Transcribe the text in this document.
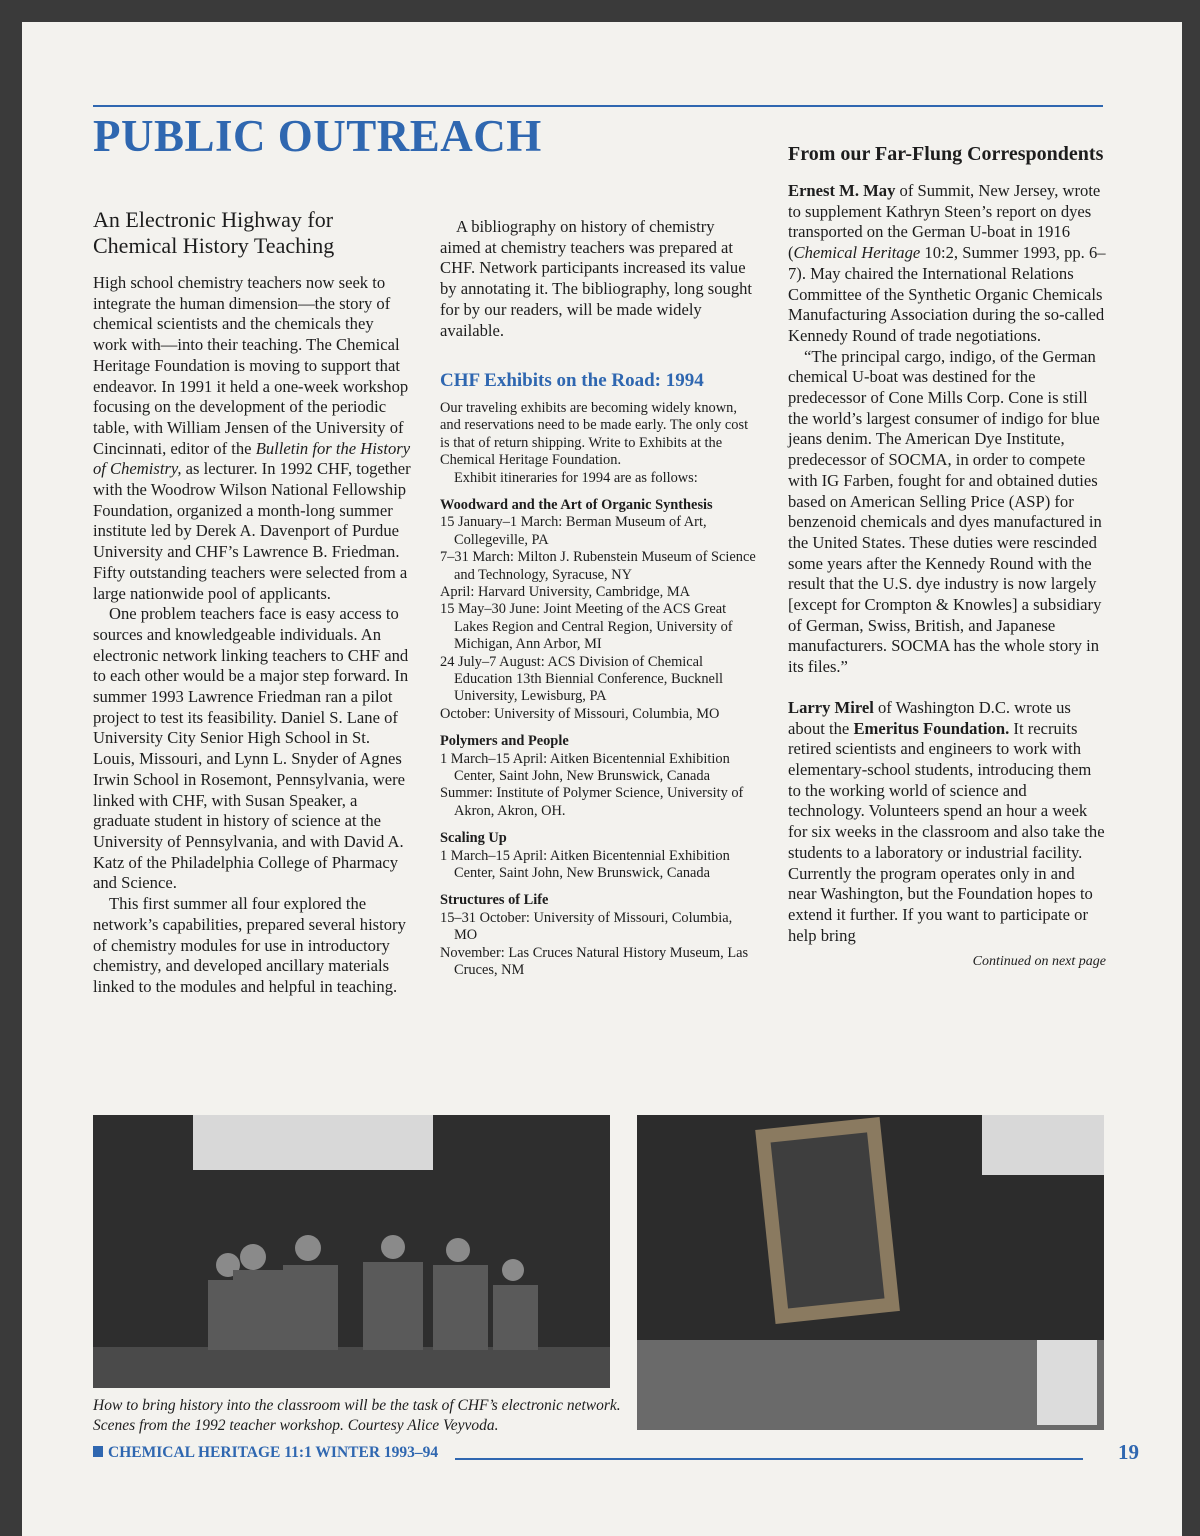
PUBLIC OUTREACH
An Electronic Highway for Chemical History Teaching

High school chemistry teachers now seek to integrate the human dimension—the story of chemical scientists and the chemicals they work with—into their teaching. The Chemical Heritage Foundation is moving to support that endeavor. In 1991 it held a one-week workshop focusing on the development of the periodic table, with William Jensen of the University of Cincinnati, editor of the Bulletin for the History of Chemistry, as lecturer. In 1992 CHF, together with the Woodrow Wilson National Fellowship Foundation, organized a month-long summer institute led by Derek A. Davenport of Purdue University and CHF’s Lawrence B. Friedman. Fifty outstanding teachers were selected from a large nationwide pool of applicants.

One problem teachers face is easy access to sources and knowledgeable individuals. An electronic network linking teachers to CHF and to each other would be a major step forward. In summer 1993 Lawrence Friedman ran a pilot project to test its feasibility. Daniel S. Lane of University City Senior High School in St. Louis, Missouri, and Lynn L. Snyder of Agnes Irwin School in Rosemont, Pennsylvania, were linked with CHF, with Susan Speaker, a graduate student in history of science at the University of Pennsylvania, and with David A. Katz of the Philadelphia College of Pharmacy and Science.

This first summer all four explored the network’s capabilities, prepared several history of chemistry modules for use in introductory chemistry, and developed ancillary materials linked to the modules and helpful in teaching.

A bibliography on history of chemistry aimed at chemistry teachers was prepared at CHF. Network participants increased its value by annotating it. The bibliography, long sought for by our readers, will be made widely available.

CHF Exhibits on the Road: 1994

Our traveling exhibits are becoming widely known, and reservations need to be made early. The only cost is that of return shipping. Write to Exhibits at the Chemical Heritage Foundation.

Exhibit itineraries for 1994 are as follows:

Woodward and the Art of Organic Synthesis
15 January–1 March: Berman Museum of Art, Collegeville, PA
7–31 March: Milton J. Rubenstein Museum of Science and Technology, Syracuse, NY
April: Harvard University, Cambridge, MA
15 May–30 June: Joint Meeting of the ACS Great Lakes Region and Central Region, University of Michigan, Ann Arbor, MI
24 July–7 August: ACS Division of Chemical Education 13th Biennial Conference, Bucknell University, Lewisburg, PA
October: University of Missouri, Columbia, MO
Polymers and People
1 March–15 April: Aitken Bicentennial Exhibition Center, Saint John, New Brunswick, Canada
Summer: Institute of Polymer Science, University of Akron, Akron, OH.
Scaling Up
1 March–15 April: Aitken Bicentennial Exhibition Center, Saint John, New Brunswick, Canada
Structures of Life
15–31 October: University of Missouri, Columbia, MO
November: Las Cruces Natural History Museum, Las Cruces, NM
From our Far-Flung Correspondents

Ernest M. May of Summit, New Jersey, wrote to supplement Kathryn Steen’s report on dyes transported on the German U-boat in 1916 (Chemical Heritage 10:2, Summer 1993, pp. 6–7). May chaired the International Relations Committee of the Synthetic Organic Chemicals Manufacturing Association during the so-called Kennedy Round of trade negotiations.

“The principal cargo, indigo, of the German chemical U-boat was destined for the predecessor of Cone Mills Corp. Cone is still the world’s largest consumer of indigo for blue jeans denim. The American Dye Institute, predecessor of SOCMA, in order to compete with IG Farben, fought for and obtained duties based on American Selling Price (ASP) for benzenoid chemicals and dyes manufactured in the United States. These duties were rescinded some years after the Kennedy Round with the result that the U.S. dye industry is now largely [except for Crompton & Knowles] a subsidiary of German, Swiss, British, and Japanese manufacturers. SOCMA has the whole story in its files.”

Larry Mirel of Washington D.C. wrote us about the Emeritus Foundation. It recruits retired scientists and engineers to work with elementary-school students, introducing them to the working world of science and technology. Volunteers spend an hour a week for six weeks in the classroom and also take the students to a laboratory or industrial facility. Currently the program operates only in and near Washington, but the Foundation hopes to extend it further. If you want to participate or help bring

Continued on next page
How to bring history into the classroom will be the task of CHF’s electronic network. Scenes from the 1992 teacher workshop. Courtesy Alice Veyvoda.
CHEMICAL HERITAGE 11:1 WINTER 1993–94	19
